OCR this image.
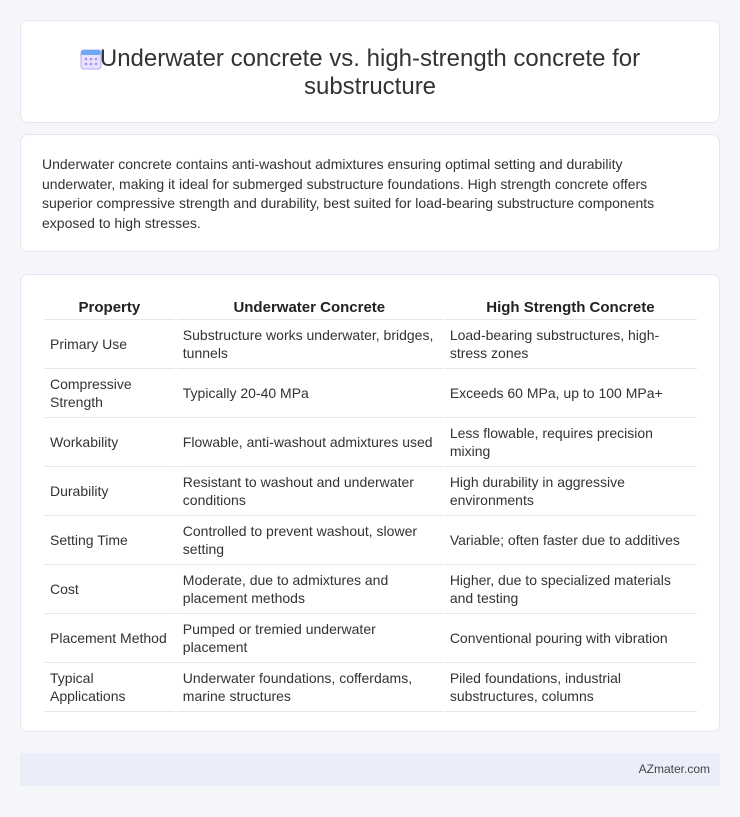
Underwater concrete vs. high-strength concrete for substructure

Underwater concrete contains anti-washout admixtures ensuring optimal setting and durability underwater, making it ideal for submerged substructure foundations. High strength concrete offers superior compressive strength and durability, best suited for load-bearing substructure components exposed to high stresses.

Property	Underwater Concrete	High Strength Concrete
Primary Use	Substructure works underwater, bridges, tunnels	Load-bearing substructures, high-stress zones
Compressive Strength	Typically 20-40 MPa	Exceeds 60 MPa, up to 100 MPa+
Workability	Flowable, anti-washout admixtures used	Less flowable, requires precision mixing
Durability	Resistant to washout and underwater conditions	High durability in aggressive environments
Setting Time	Controlled to prevent washout, slower setting	Variable; often faster due to additives
Cost	Moderate, due to admixtures and placement methods	Higher, due to specialized materials and testing
Placement Method	Pumped or tremied underwater placement	Conventional pouring with vibration
Typical Applications	Underwater foundations, cofferdams, marine structures	Piled foundations, industrial substructures, columns
AZmater.com
